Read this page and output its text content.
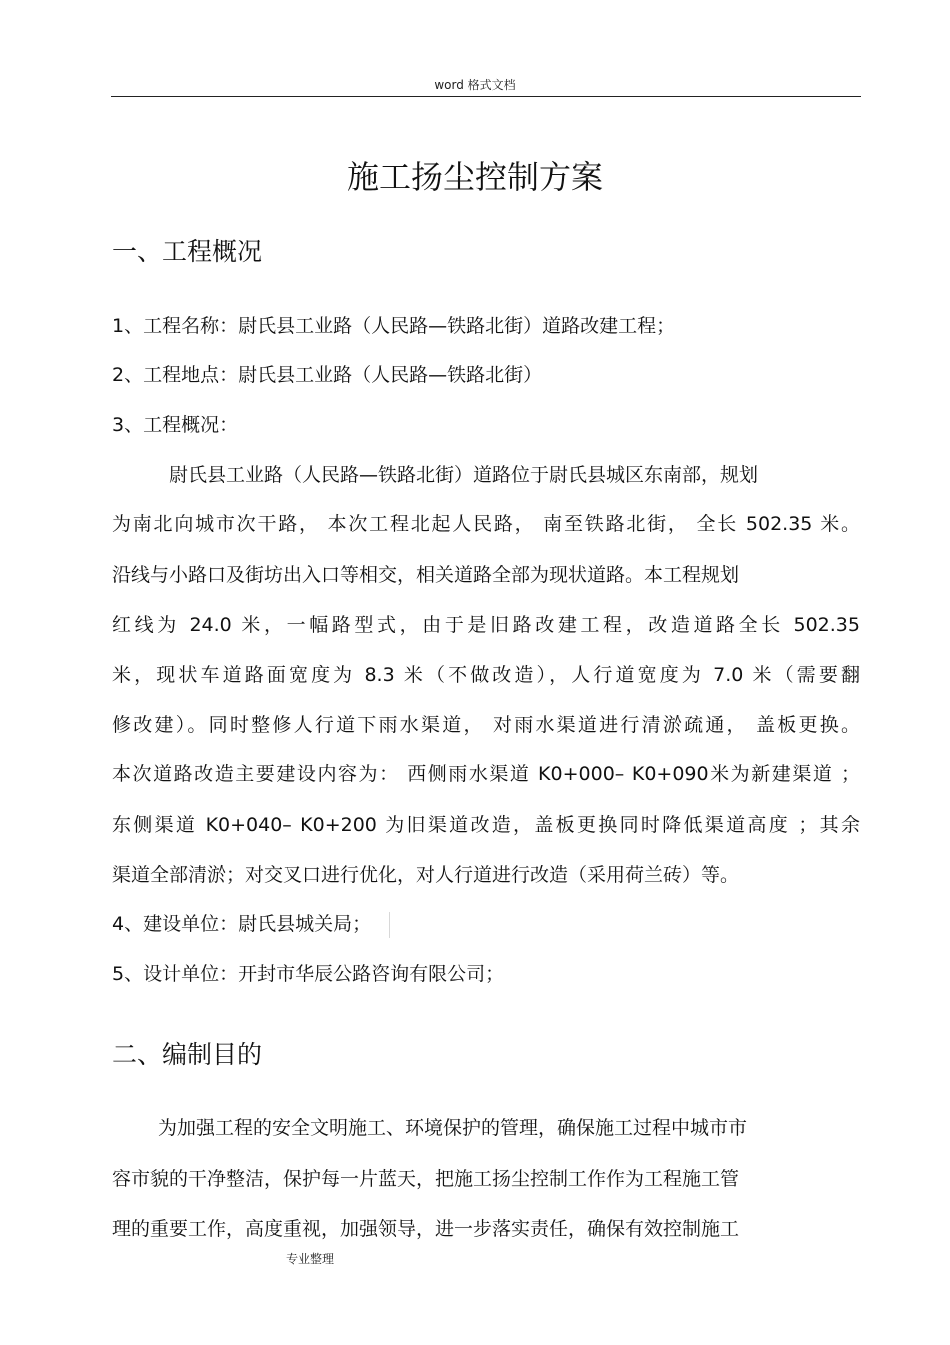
word 格式文档
施工扬尘控制方案
一、工程概况
1、工程名称：尉氏县工业路（人民路—铁路北街）道路改建工程；
2、工程地点：尉氏县工业路（人民路—铁路北街）
3、工程概况：
尉氏县工业路（人民路—铁路北街）道路位于尉氏县城区东南部，规划
为南北向城市次干路， 本次工程北起人民路， 南至铁路北街， 全长 502.35 米。
沿线与小路口及街坊出入口等相交，相关道路全部为现状道路。本工程规划
红线为 24.0 米，一幅路型式，由于是旧路改建工程，改造道路全长 502.35
米，现状车道路面宽度为 8.3 米（不做改造），人行道宽度为 7.0 米（需要翻
修改建）。同时整修人行道下雨水渠道， 对雨水渠道进行清淤疏通， 盖板更换。
本次道路改造主要建设内容为： 西侧雨水渠道 K0+000– K0+090米为新建渠道 ；
东侧渠道 K0+040– K0+200 为旧渠道改造，盖板更换同时降低渠道高度 ；其余
渠道全部清淤；对交叉口进行优化，对人行道进行改造（采用荷兰砖）等。
4、建设单位：尉氏县城关局；
5、设计单位：开封市华辰公路咨询有限公司；
二、编制目的
为加强工程的安全文明施工、环境保护的管理，确保施工过程中城市市
容市貌的干净整洁，保护每一片蓝天，把施工扬尘控制工作作为工程施工管
理的重要工作，高度重视，加强领导，进一步落实责任，确保有效控制施工
专业整理
